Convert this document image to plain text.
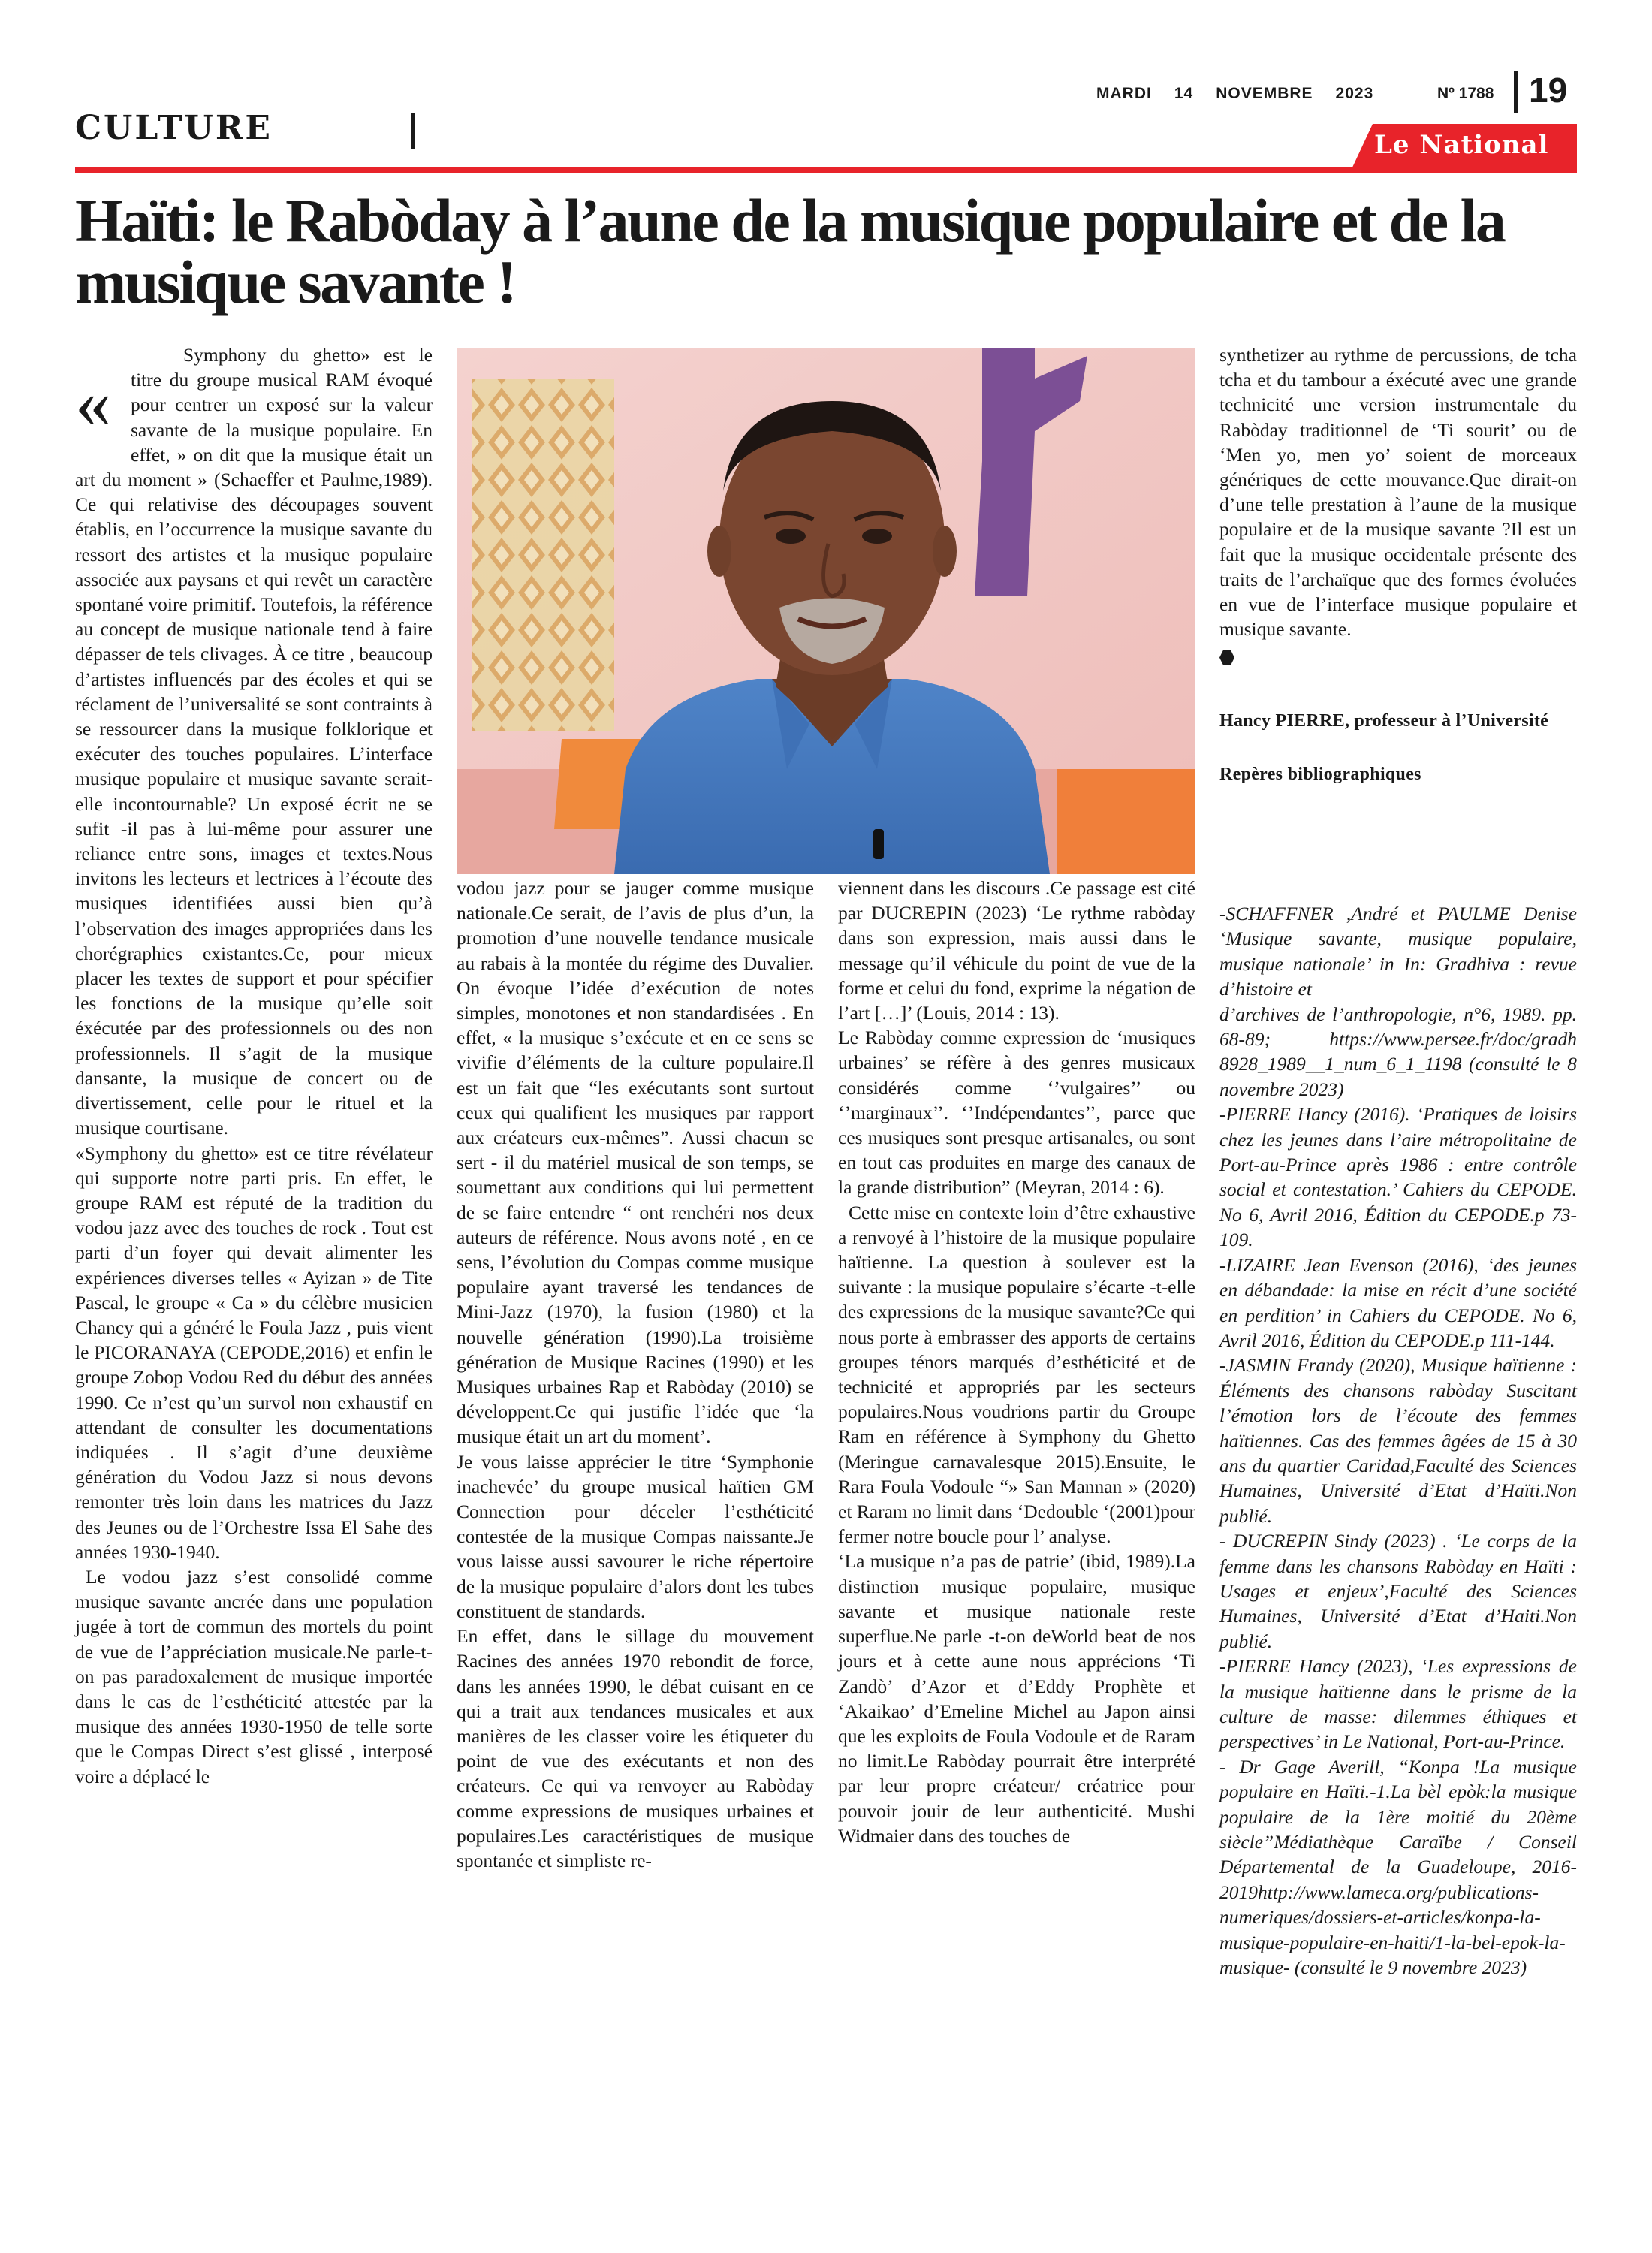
CULTURE
MARDI 14 NOVEMBRE 2023	Nº 1788 19
Le National
Haïti: le Rabòday à l’aune de la musique populaire et de la musique savante !
«

Symphony du ghetto» est le titre du groupe musical RAM évoqué pour centrer un exposé sur la valeur savante de la musique populaire. En effet, » on dit que la musique était un art du moment » (Schaeffer et Paulme,1989). Ce qui relativise des découpages souvent établis, en l’occurrence la musique savante du ressort des artistes et la musique populaire associée aux paysans et qui revêt un caractère spontané voire primitif. Toutefois, la référence au concept de musique nationale tend à faire dépasser de tels clivages. À ce titre , beaucoup d’artistes influencés par des écoles et qui se réclament de l’universalité se sont contraints à se ressourcer dans la musique folklorique et exécuter des touches populaires. L’interface musique populaire et musique savante serait-elle incontournable? Un exposé écrit ne se sufit -il pas à lui-même pour assurer une reliance entre sons, images et textes.Nous invitons les lecteurs et lectrices à l’écoute des musiques identifiées aussi bien qu’à l’observation des images appropriées dans les chorégraphies existantes.Ce, pour mieux placer les textes de support et pour spécifier les fonctions de la musique qu’elle soit éxécutée par des professionnels ou des non professionnels. Il s’agit de la musique dansante, la musique de concert ou de divertissement, celle pour le rituel et la musique courtisane.

«Symphony du ghetto» est ce titre révélateur qui supporte notre parti pris. En effet, le groupe RAM est réputé de la tradition du vodou jazz avec des touches de rock . Tout est parti d’un foyer qui devait alimenter les expériences diverses telles « Ayizan » de Tite Pascal, le groupe « Ca » du célèbre musicien Chancy qui a généré le Foula Jazz , puis vient le PICORANAYA (CEPODE,2016) et enfin le groupe Zobop Vodou Red du début des années 1990. Ce n’est qu’un survol non exhaustif en attendant de consulter les documentations indiquées . Il s’agit d’une deuxième génération du Vodou Jazz si nous devons remonter très loin dans les matrices du Jazz des Jeunes ou de l’Orchestre Issa El Sahe des années 1930-1940.

Le vodou jazz s’est consolidé comme musique savante ancrée dans une population jugée à tort de commun des mortels du point de vue de l’appréciation musicale.Ne parle-t-on pas paradoxalement de musique importée dans le cas de l’esthéticité attestée par la musique des années 1930-1950 de telle sorte que le Compas Direct s’est glissé , interposé voire a déplacé le

vodou jazz pour se jauger comme musique nationale.Ce serait, de l’avis de plus d’un, la promotion d’une nouvelle tendance musicale au rabais à la montée du régime des Duvalier. On évoque l’idée d’exécution de notes simples, monotones et non standardisées . En effet, « la musique s’exécute et en ce sens se vivifie d’éléments de la culture populaire.Il est un fait que “les exécutants sont surtout ceux qui qualifient les musiques par rapport aux créateurs eux-mêmes”. Aussi chacun se sert - il du matériel musical de son temps, se soumettant aux conditions qui lui permettent de se faire entendre “ ont renchéri nos deux auteurs de référence. Nous avons noté , en ce sens, l’évolution du Compas comme musique populaire ayant traversé les tendances de Mini-Jazz (1970), la fusion (1980) et la nouvelle génération (1990).La troisième génération de Musique Racines (1990) et les Musiques urbaines Rap et Rabòday (2010) se développent.Ce qui justifie l’idée que ‘la musique était un art du moment’.

Je vous laisse apprécier le titre ‘Symphonie inachevée’ du groupe musical haïtien GM Connection pour déceler l’esthéticité contestée de la musique Compas naissante.Je vous laisse aussi savourer le riche répertoire de la musique populaire d’alors dont les tubes constituent de standards.

En effet, dans le sillage du mouvement Racines des années 1970 rebondit de force, dans les années 1990, le débat cuisant en ce qui a trait aux tendances musicales et aux manières de les classer voire les étiqueter du point de vue des exécutants et non des créateurs. Ce qui va renvoyer au Rabòday comme expressions de musiques urbaines et populaires.Les caractéristiques de musique spontanée et simpliste re-

viennent dans les discours .Ce passage est cité par DUCREPIN (2023) ‘Le rythme rabòday dans son expression, mais aussi dans le message qu’il véhicule du point de vue de la forme et celui du fond, exprime la négation de l’art […]’ (Louis, 2014 : 13).

Le Rabòday comme expression de ‘musiques urbaines’ se réfère à des genres musicaux considérés comme ‘’vulgaires’’ ou ‘’marginaux’’. ‘’Indépendantes’’, parce que ces musiques sont presque artisanales, ou sont en tout cas produites en marge des canaux de la grande distribution” (Meyran, 2014 : 6).

Cette mise en contexte loin d’être exhaustive a renvoyé à l’histoire de la musique populaire haïtienne. La question à soulever est la suivante : la musique populaire s’écarte -t-elle des expressions de la musique savante?Ce qui nous porte à embrasser des apports de certains groupes ténors marqués d’esthéticité et de technicité et appropriés par les secteurs populaires.Nous voudrions partir du Groupe Ram en référence à Symphony du Ghetto (Meringue carnavalesque 2015).Ensuite, le Rara Foula Vodoule “» San Mannan » (2020) et Raram no limit dans ‘Dedouble ‘(2001)pour fermer notre boucle pour l’ analyse.

‘La musique n’a pas de patrie’ (ibid, 1989).La distinction musique populaire, musique savante et musique nationale reste superflue.Ne parle -t-on deWorld beat de nos jours et à cette aune nous apprécions ‘Ti Zandò’ d’Azor et d’Eddy Prophète et ‘Akaikao’ d’Emeline Michel au Japon ainsi que les exploits de Foula Vodoule et de Raram no limit.Le Rabòday pourrait être interprété par leur propre créateur/ créatrice pour pouvoir jouir de leur authenticité. Mushi Widmaier dans des touches de

synthetizer au rythme de percussions, de tcha tcha et du tambour a éxécuté avec une grande technicité une version instrumentale du Rabòday traditionnel de ‘Ti sourit’ ou de ‘Men yo, men yo’ soient de morceaux génériques de cette mouvance.Que dirait-on d’une telle prestation à l’aune de la musique populaire et de la musique savante ?Il est un fait que la musique occidentale présente des traits de l’archaïque que des formes évoluées en vue de l’interface musique populaire et musique savante.

Hancy PIERRE, professeur à l’Université

Repères bibliographiques

-SCHAFFNER ,André et PAULME Denise ‘Musique savante, musique populaire, musique nationale’ in In: Gradhiva : revue d’histoire et

d’archives de l’anthropologie, n°6, 1989. pp. 68-89; https://www.persee.fr/doc/gradh 8928_1989__1_num_6_1_1198 (consulté le 8 novembre 2023)

-PIERRE Hancy (2016). ‘Pratiques de loisirs chez les jeunes dans l’aire métropolitaine de Port-au-Prince après 1986 : entre contrôle social et contestation.’ Cahiers du CEPODE. No 6, Avril 2016, Édition du CEPODE.p 73-109.

-LIZAIRE Jean Evenson (2016), ‘des jeunes en débandade: la mise en récit d’une société en perdition’ in Cahiers du CEPODE. No 6, Avril 2016, Édition du CEPODE.p 111-144.

-JASMIN Frandy (2020), Musique haïtienne : Éléments des chansons rabòday Suscitant l’émotion lors de l’écoute des femmes haïtiennes. Cas des femmes âgées de 15 à 30 ans du quartier Caridad,Faculté des Sciences Humaines, Université d’Etat d’Haïti.Non publié.

- DUCREPIN Sindy (2023) . ‘Le corps de la femme dans les chansons Rabòday en Haïti : Usages et enjeux’,Faculté des Sciences Humaines, Université d’Etat d’Haiti.Non publié.

-PIERRE Hancy (2023), ‘Les expressions de la musique haïtienne dans le prisme de la culture de masse: dilemmes éthiques et perspectives’ in Le National, Port-au-Prince.

- Dr Gage Averill, “Konpa !La musique populaire en Haïti.-1.La bèl epòk:la musique populaire de la 1ère moitié du 20ème siècle”Médiathèque Caraïbe / Conseil Départemental de la Guadeloupe, 2016-2019http://www.lameca.org/publications-numeriques/dossiers-et-articles/konpa-la-musique-populaire-en-haiti/1-la-bel-epok-la-musique- (consulté le 9 novembre 2023)
